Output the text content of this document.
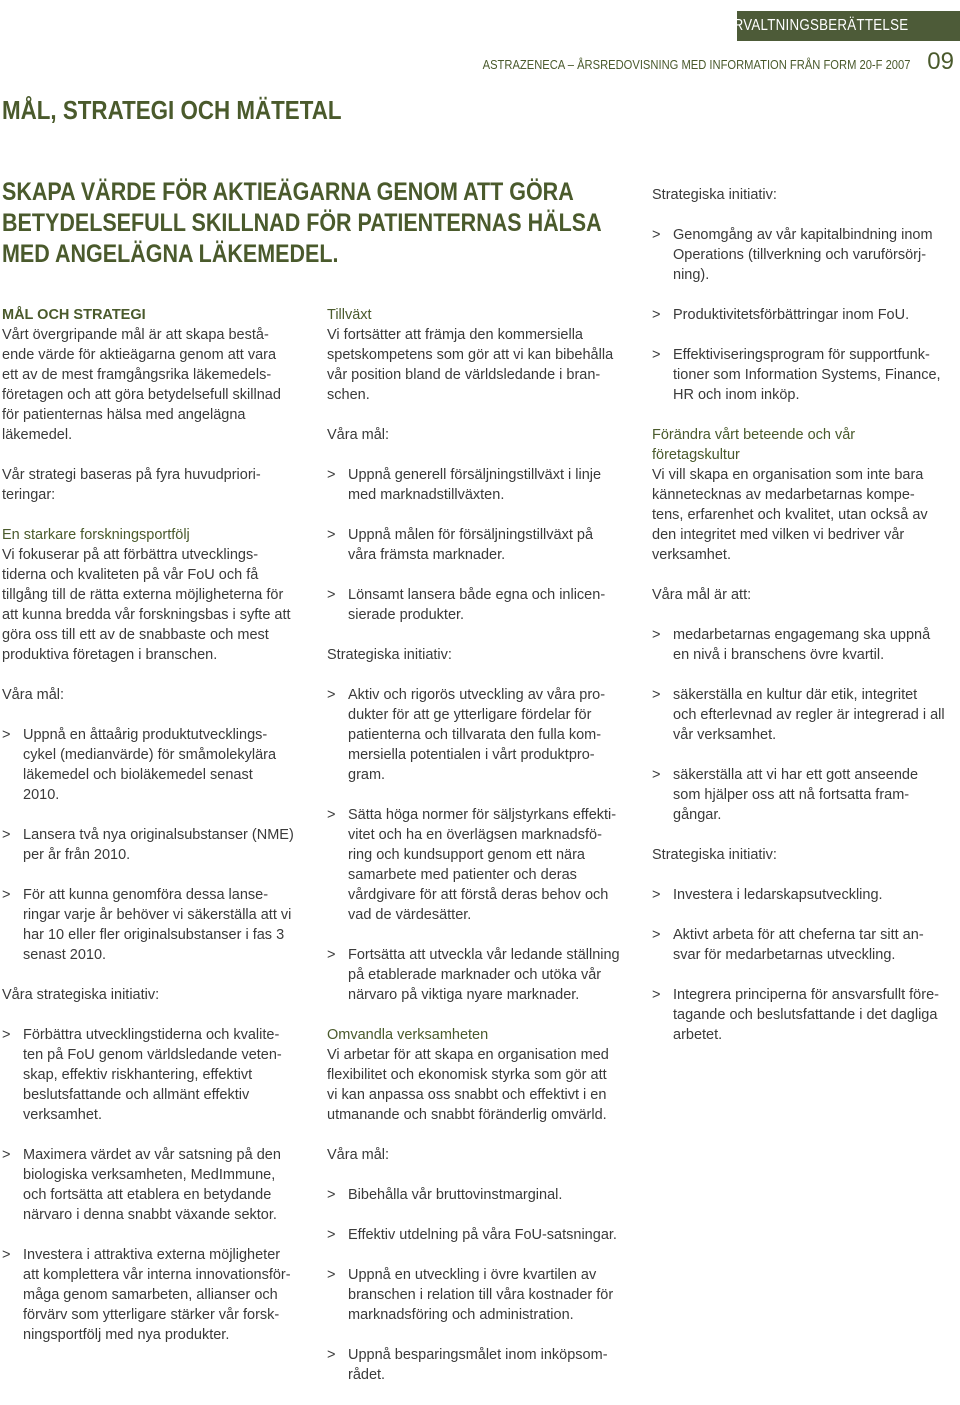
FÖRVALTNINGSBERÄTTELSE
ASTRAZENECA – ÅRSREDOVISNING MED INFORMATION FRÅN FORM 20-F 2007 09
MÅL, STRATEGI OCH MÄTETAL
SKAPA VÄRDE FÖR AKTIEÄGARNA GENOM ATT GÖRA
BETYDELSEFULL SKILLNAD FÖR PATIENTERNAS HÄLSA
MED ANGELÄGNA LÄKEMEDEL.
MÅL OCH STRATEGI

Vårt övergripande mål är att skapa bestå-
ende värde för aktieägarna genom att vara
ett av de mest framgångsrika läkemedels-
företagen och att göra betydelsefull skillnad
för patienternas hälsa med angelägna
läkemedel.

Vår strategi baseras på fyra huvudpriori-
teringar:

En starkare forskningsportfölj

Vi fokuserar på att förbättra utvecklings-
tiderna och kvaliteten på vår FoU och få
tillgång till de rätta externa möjligheterna för
att kunna bredda vår forskningsbas i syfte att
göra oss till ett av de snabbaste och mest
produktiva företagen i branschen.

Våra mål:

> Uppnå en åttaårig produktutvecklings-
cykel (medianvärde) för småmolekylära
läkemedel och bioläkemedel senast
2010.
> Lansera två nya originalsubstanser (NME)
per år från 2010.
> För att kunna genomföra dessa lanse-
ringar varje år behöver vi säkerställa att vi
har 10 eller fler originalsubstanser i fas 3
senast 2010.

Våra strategiska initiativ:

> Förbättra utvecklingstiderna och kvalite-
ten på FoU genom världsledande veten-
skap, effektiv riskhantering, effektivt
beslutsfattande och allmänt effektiv
verksamhet.
> Maximera värdet av vår satsning på den
biologiska verksamheten, MedImmune,
och fortsätta att etablera en betydande
närvaro i denna snabbt växande sektor.
> Investera i attraktiva externa möjligheter
att komplettera vår interna innovationsför-
måga genom samarbeten, allianser och
förvärv som ytterligare stärker vår forsk-
ningsportfölj med nya produkter.
Tillväxt

Vi fortsätter att främja den kommersiella
spetskompetens som gör att vi kan bibehålla
vår position bland de världsledande i bran-
schen.

Våra mål:

> Uppnå generell försäljningstillväxt i linje
med marknadstillväxten.
> Uppnå målen för försäljningstillväxt på
våra främsta marknader.
> Lönsamt lansera både egna och inlicen-
sierade produkter.

Strategiska initiativ:

> Aktiv och rigorös utveckling av våra pro-
dukter för att ge ytterligare fördelar för
patienterna och tillvarata den fulla kom-
mersiella potentialen i vårt produktpro-
gram.
> Sätta höga normer för säljstyrkans effekti-
vitet och ha en överlägsen marknadsfö-
ring och kundsupport genom ett nära
samarbete med patienter och deras
vårdgivare för att förstå deras behov och
vad de värdesätter.
> Fortsätta att utveckla vår ledande ställning
på etablerade marknader och utöka vår
närvaro på viktiga nyare marknader.
Omvandla verksamheten

Vi arbetar för att skapa en organisation med
flexibilitet och ekonomisk styrka som gör att
vi kan anpassa oss snabbt och effektivt i en
utmanande och snabbt föränderlig omvärld.

Våra mål:

> Bibehålla vår bruttovinstmarginal.
> Effektiv utdelning på våra FoU-satsningar.
> Uppnå en utveckling i övre kvartilen av
branschen i relation till våra kostnader för
marknadsföring och administration.
> Uppnå besparingsmålet inom inköpsom-
rådet.

Strategiska initiativ:

> Genomgång av vår kapitalbindning inom
Operations (tillverkning och varuförsörj-
ning).
> Produktivitetsförbättringar inom FoU.
> Effektiviseringsprogram för supportfunk-
tioner som Information Systems, Finance,
HR och inom inköp.
Förändra vårt beteende och vår
företagskultur

Vi vill skapa en organisation som inte bara
kännetecknas av medarbetarnas kompe-
tens, erfarenhet och kvalitet, utan också av
den integritet med vilken vi bedriver vår
verksamhet.

Våra mål är att:

> medarbetarnas engagemang ska uppnå
en nivå i branschens övre kvartil.
> säkerställa en kultur där etik, integritet
och efterlevnad av regler är integrerad i all
vår verksamhet.
> säkerställa att vi har ett gott anseende
som hjälper oss att nå fortsatta fram-
gångar.

Strategiska initiativ:

> Investera i ledarskapsutveckling.
> Aktivt arbeta för att cheferna tar sitt an-
svar för medarbetarnas utveckling.
> Integrera principerna för ansvarsfullt före-
tagande och beslutsfattande i det dagliga
arbetet.
